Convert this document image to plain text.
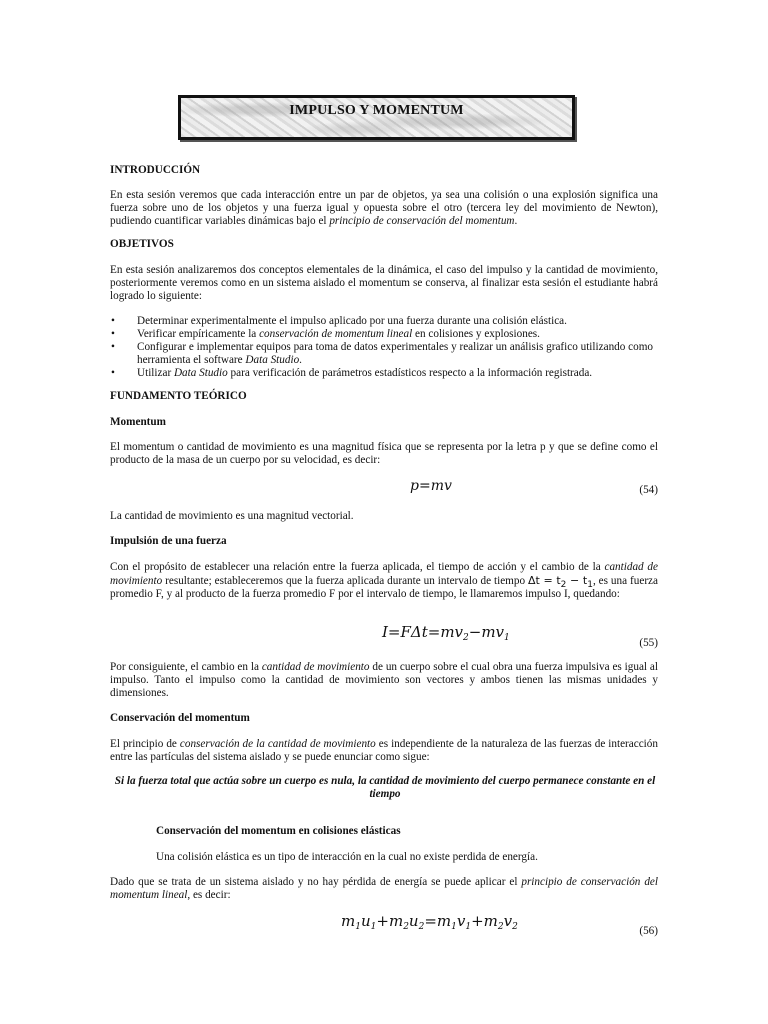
IMPULSO Y MOMENTUM
INTRODUCCIÓN
En esta sesión veremos que cada interacción entre un par de objetos, ya sea una colisión o una explosión significa una fuerza sobre uno de los objetos y una fuerza igual y opuesta sobre el otro (tercera ley del movimiento de Newton), pudiendo cuantificar variables dinámicas bajo el principio de conservación del momentum.
OBJETIVOS
En esta sesión analizaremos dos conceptos elementales de la dinámica, el caso del impulso y la cantidad de movimiento, posteriormente veremos como en un sistema aislado el momentum se conserva, al finalizar esta sesión el estudiante habrá logrado lo siguiente:
• Determinar experimentalmente el impulso aplicado por una fuerza durante una colisión elástica.
• Verificar empíricamente la conservación de momentum lineal en colisiones y explosiones.
• Configurar e implementar equipos para toma de datos experimentales y realizar un análisis grafico utilizando como herramienta el software Data Studio.
• Utilizar Data Studio para verificación de parámetros estadísticos respecto a la información registrada.
FUNDAMENTO TEÓRICO
Momentum
El momentum o cantidad de movimiento es una magnitud física que se representa por la letra p y que se define como el producto de la masa de un cuerpo por su velocidad, es decir:
p=mv	(54)
La cantidad de movimiento es una magnitud vectorial.
Impulsión de una fuerza
Con el propósito de establecer una relación entre la fuerza aplicada, el tiempo de acción y el cambio de la cantidad de movimiento resultante; estableceremos que la fuerza aplicada durante un intervalo de tiempo $\Delta t = t_2 - t_1$, es una fuerza promedio F, y al producto de la fuerza promedio F por el intervalo de tiempo, le llamaremos impulso I, quedando:
$I=F\Delta t=mv_2-mv_1$	(55)
Por consiguiente, el cambio en la cantidad de movimiento de un cuerpo sobre el cual obra una fuerza impulsiva es igual al impulso. Tanto el impulso como la cantidad de movimiento son vectores y ambos tienen las mismas unidades y dimensiones.
Conservación del momentum
El principio de conservación de la cantidad de movimiento es independiente de la naturaleza de las fuerzas de interacción entre las partículas del sistema aislado y se puede enunciar como sigue:
Si la fuerza total que actúa sobre un cuerpo es nula, la cantidad de movimiento del cuerpo permanece constante en el tiempo
Conservación del momentum en colisiones elásticas
Una colisión elástica es un tipo de interacción en la cual no existe perdida de energía.
Dado que se trata de un sistema aislado y no hay pérdida de energía se puede aplicar el principio de conservación del momentum lineal, es decir:
$m_1u_1+m_2u_2=m_1v_1+m_2v_2$	(56)
